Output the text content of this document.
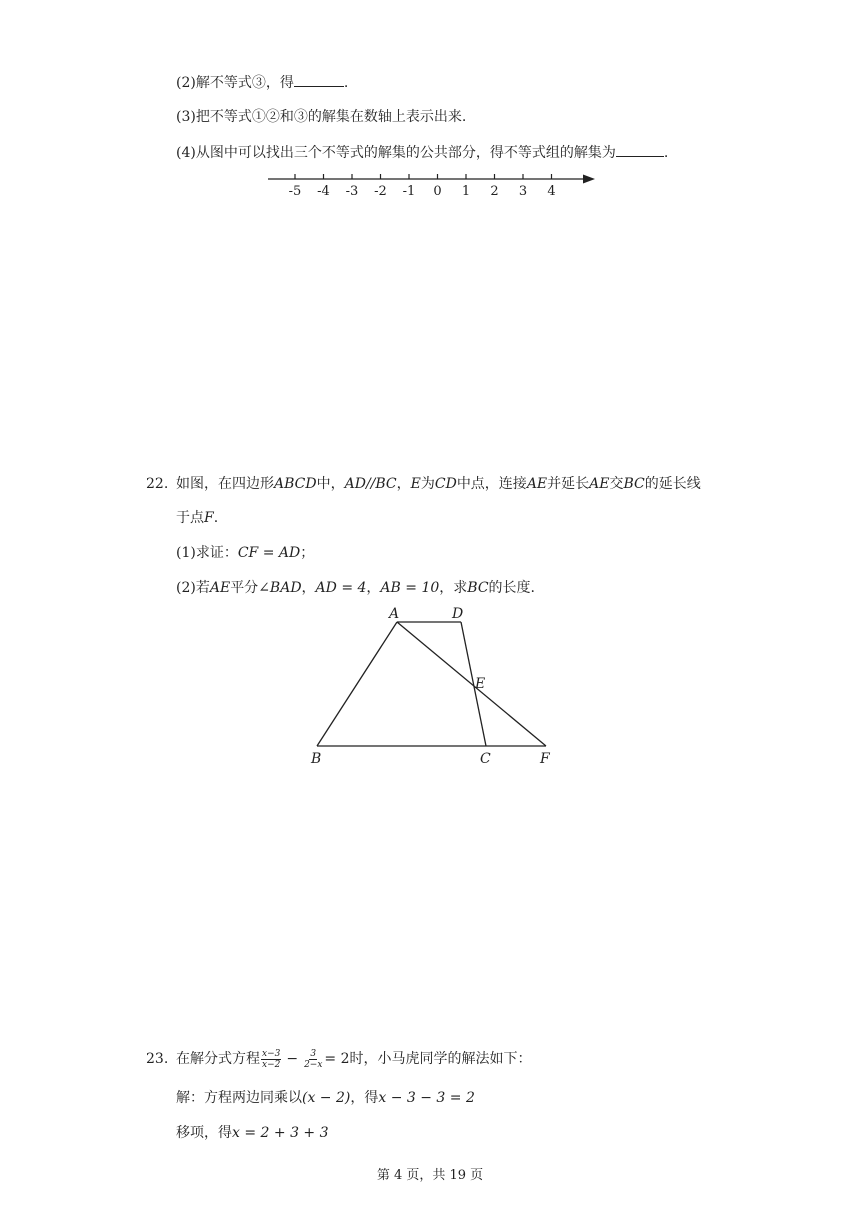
(2)解不等式③，得	.
(3)把不等式①②和③的解集在数轴上表示出来.
(4)从图中可以找出三个不等式的解集的公共部分，得不等式组的解集为	.
-5 -4 -3 -2 -1 0 1 2 3 4
22. 如图，在四边形ABCD中，AD//BC，E为CD中点，连接AE并延长AE交BC的延长线
于点F.
(1)求证：CF = AD；
(2)若AE平分∠BAD，AD = 4，AB = 10，求BC的长度.
A	D
E
B	C	F
23. 在解分式方程 $\frac{x-3}{x-2} - \frac{3}{2-x} = 2$时，小马虎同学的解法如下：
解：方程两边同乘以(x − 2)，得x − 3 − 3 = 2
移项，得x = 2 + 3 + 3
第 4 页，共 19 页
